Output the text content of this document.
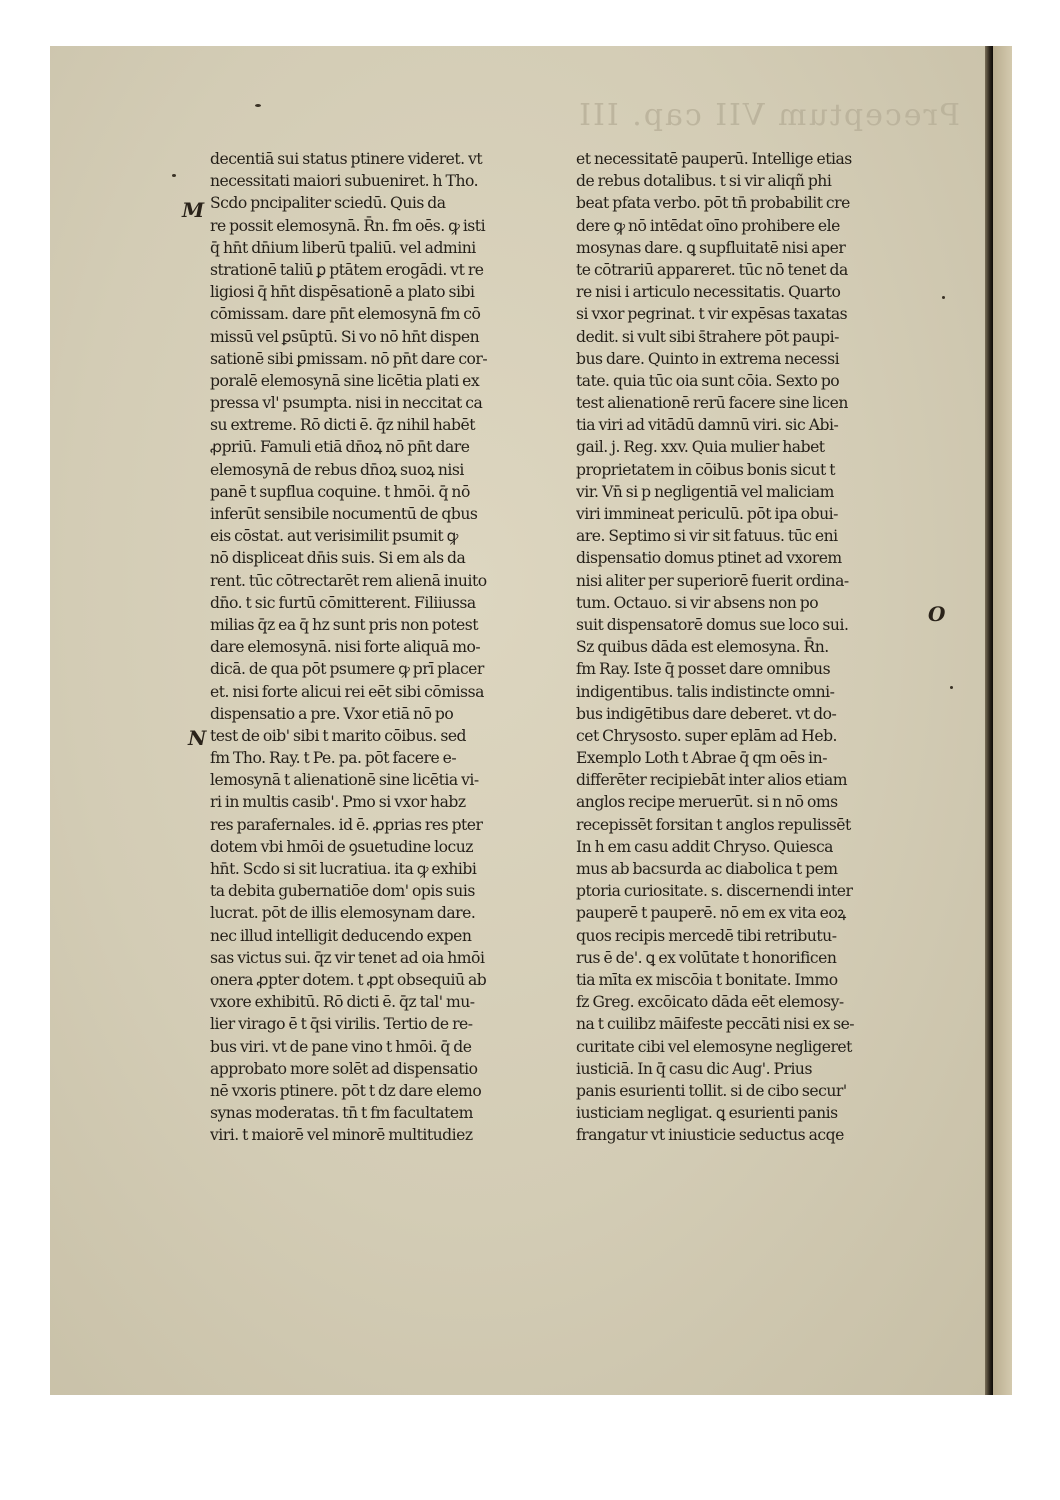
Preceptum VII cap. III
decentiā sui status ptinere videret. vt
necessitati maiori subueniret. h Tho.
Scdo pncipaliter sciedū. Quis da
re possit elemosynā. R̄n. fm oēs. ꝙ isti
q̄ hn̄t dn̄ium liberū tpaliū. vel admini
strationē taliū ꝑ ptātem erogādi. vt re
ligiosi q̄ hn̄t dispēsationē a plato sibi
cōmissam. dare pn̄t elemosynā fm cō
missū vel ꝑsūptū. Si vo nō hn̄t dispen
sationē sibi ꝑmissam. nō pn̄t dare cor-
poralē elemosynā sine licētia plati ex
pressa vl' psumpta. nisi in neccitat ca
su extreme. Rō dicti ē. q̄z nihil habēt
ꝓpriū. Famuli etiā dn̄oꝝ nō pn̄t dare
elemosynā de rebus dn̄oꝝ suoꝝ nisi
panē t supflua coquine. t hmōi. q̄ nō
inferūt sensibile nocumentū de qbus
eis cōstat. aut verisimilit psumit ꝙ
nō displiceat dn̄is suis. Si em als da
rent. tūc cōtrectarēt rem alienā inuito
dn̄o. t sic furtū cōmitterent. Filiiussa
milias q̄z ea q̄ hz sunt pris non potest
dare elemosynā. nisi forte aliquā mo-
dicā. de qua pōt psumere ꝙ prī placer
et. nisi forte alicui rei eēt sibi cōmissa
dispensatio a pre. Vxor etiā nō po
test de oib' sibi t marito cōibus. sed
fm Tho. Ray. t Pe. pa. pōt facere e-
lemosynā t alienationē sine licētia vi-
ri in multis casib'. Pmo si vxor habz
res parafernales. id ē. ꝓprias res pter
dotem vbi hmōi de ꝯsuetudine locuz
hn̄t. Scdo si sit lucratiua. ita ꝙ exhibi
ta debita gubernatiōe dom' opis suis
lucrat. pōt de illis elemosynam dare.
nec illud intelligit deducendo expen
sas victus sui. q̄z vir tenet ad oia hmōi
onera ꝓpter dotem. t ꝓpt obsequiū ab
vxore exhibitū. Rō dicti ē. q̄z tal' mu-
lier virago ē t q̄si virilis. Tertio de re-
bus viri. vt de pane vino t hmōi. q̄ de
approbato more solēt ad dispensatio
nē vxoris ptinere. pōt t dz dare elemo
synas moderatas. tn̄ t fm facultatem
viri. t maiorē vel minorē multitudiez
et necessitatē pauperū. Intellige etias
de rebus dotalibus. t si vir aliqñ phi
beat pfata verbo. pōt tn̄ probabilit cre
dere ꝙ nō intēdat oīno prohibere ele
mosynas dare. ꝗ supfluitatē nisi aper
te cōtrariū appareret. tūc nō tenet da
re nisi i articulo necessitatis. Quarto
si vxor pegrinat. t vir expēsas taxatas
dedit. si vult sibi s̄trahere pōt paupi-
bus dare. Quinto in extrema necessi
tate. quia tūc oia sunt cōia. Sexto po
test alienationē rerū facere sine licen
tia viri ad vitādū damnū viri. sic Abi-
gail. j. Reg. xxv. Quia mulier habet
proprietatem in cōibus bonis sicut t
vir. Vn̄ si p negligentiā vel maliciam
viri immineat periculū. pōt ipa obui-
are. Septimo si vir sit fatuus. tūc eni
dispensatio domus ptinet ad vxorem
nisi aliter per superiorē fuerit ordina-
tum. Octauo. si vir absens non po
suit dispensatorē domus sue loco sui.
Sz quibus dāda est elemosyna. R̄n.
fm Ray. Iste q̄ posset dare omnibus
indigentibus. talis indistincte omni-
bus indigētibus dare deberet. vt do-
cet Chrysosto. super eplām ad Heb.
Exemplo Loth t Abrae q̄ qm oēs in-
differēter recipiebāt inter alios etiam
anglos recipe meruerūt. si n nō oms
recepissēt forsitan t anglos repulissēt
In h em casu addit Chryso. Quiesca
mus ab bacsurda ac diabolica t pem
ptoria curiositate. s. discernendi inter
pauperē t pauperē. nō em ex vita eoꝝ
quos recipis mercedē tibi retributu-
rus ē de'. ꝗ ex volūtate t honorificen
tia mīta ex miscōia t bonitate. Immo
fz Greg. excōicato dāda eēt elemosy-
na t cuilibz māifeste peccāti nisi ex se-
curitate cibi vel elemosyne negligeret
iusticiā. In q̄ casu dic Aug'. Prius
panis esurienti tollit. si de cibo secur'
iusticiam negligat. ꝗ esurienti panis
frangatur vt iniusticie seductus acqe
M
N
O
